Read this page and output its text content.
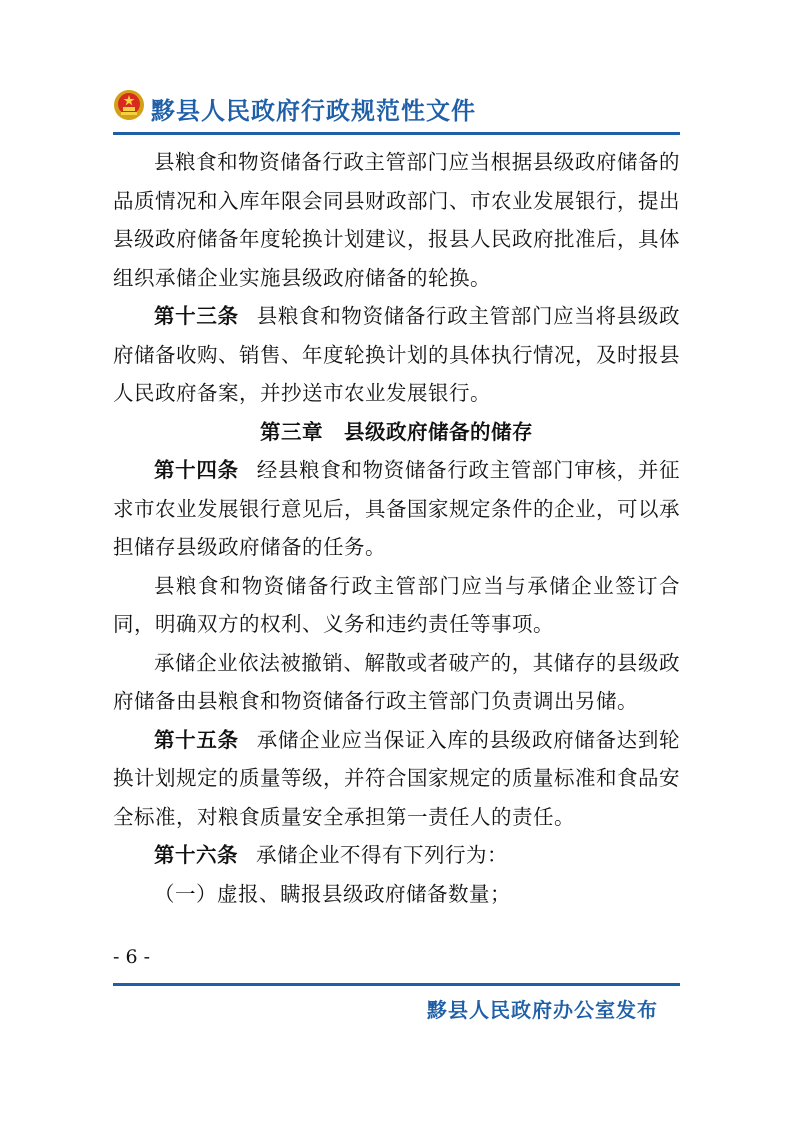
黟县人民政府行政规范性文件

县粮食和物资储备行政主管部门应当根据县级政府储备的品质情况和入库年限会同县财政部门、市农业发展银行，提出县级政府储备年度轮换计划建议，报县人民政府批准后，具体组织承储企业实施县级政府储备的轮换。

第十三条 县粮食和物资储备行政主管部门应当将县级政府储备收购、销售、年度轮换计划的具体执行情况，及时报县人民政府备案，并抄送市农业发展银行。

第三章　县级政府储备的储存

第十四条 经县粮食和物资储备行政主管部门审核，并征求市农业发展银行意见后，具备国家规定条件的企业，可以承担储存县级政府储备的任务。

县粮食和物资储备行政主管部门应当与承储企业签订合同，明确双方的权利、义务和违约责任等事项。

承储企业依法被撤销、解散或者破产的，其储存的县级政府储备由县粮食和物资储备行政主管部门负责调出另储。

第十五条 承储企业应当保证入库的县级政府储备达到轮换计划规定的质量等级，并符合国家规定的质量标准和食品安全标准，对粮食质量安全承担第一责任人的责任。

第十六条 承储企业不得有下列行为：

（一）虚报、瞒报县级政府储备数量；

- 6 -
黟县人民政府办公室发布
